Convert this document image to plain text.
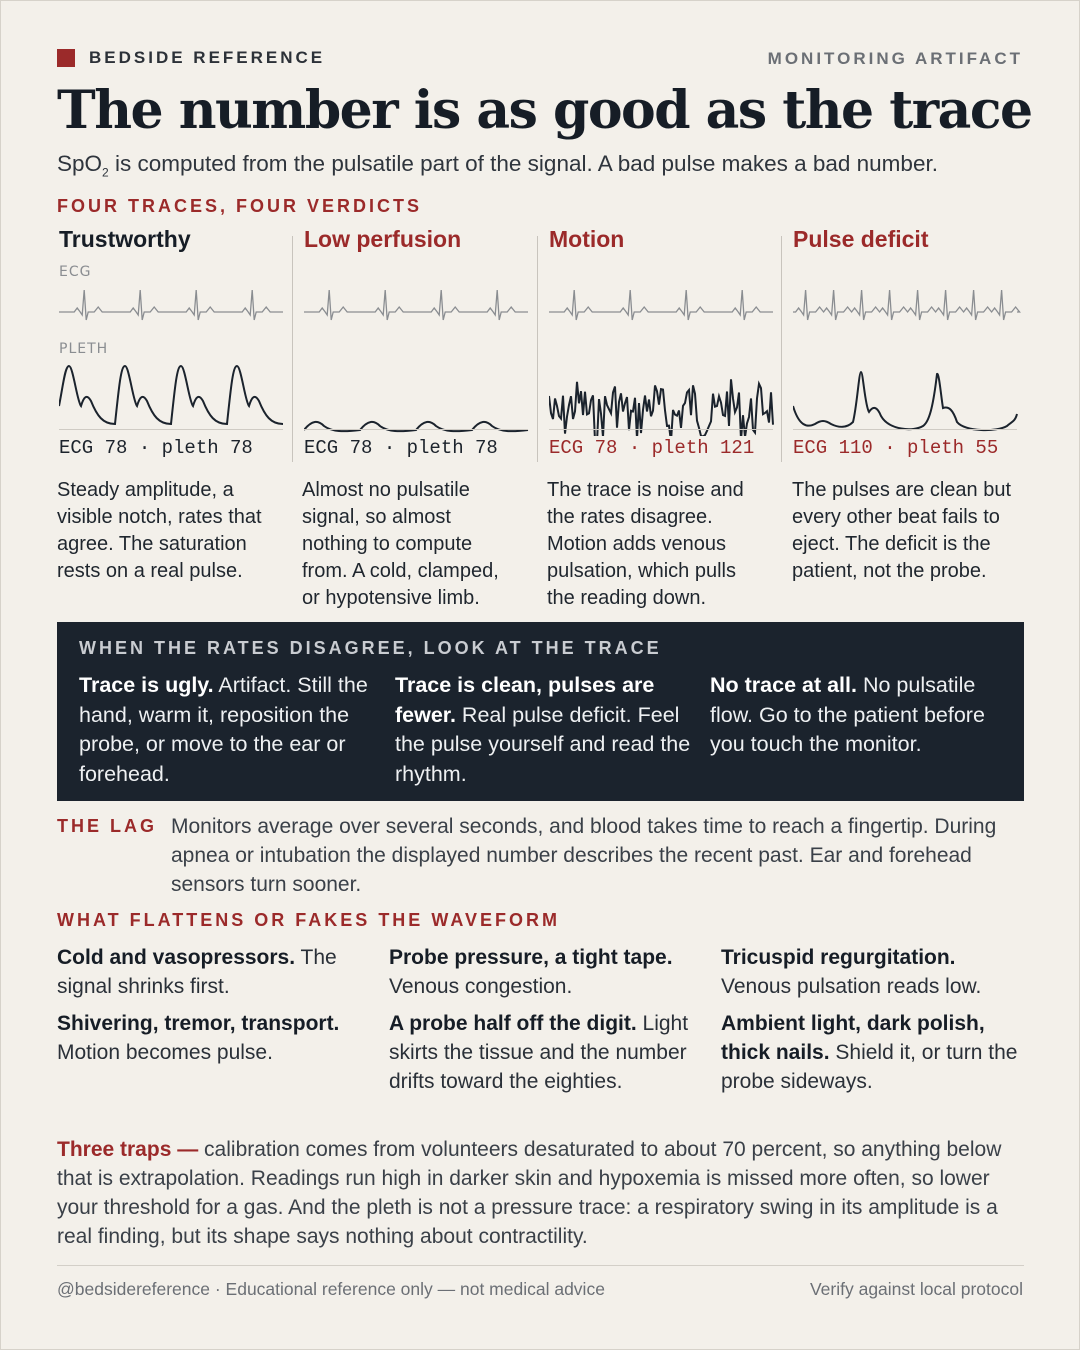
BEDSIDE REFERENCE	MONITORING ARTIFACT
The number is as good as the trace
SpO$_2$ is computed from the pulsatile part of the signal. A bad pulse makes a bad number.
FOUR TRACES, FOUR VERDICTS
Trustworthy
ECG
PLETH
ECG 78 · pleth 78
Steady amplitude, a visible notch, rates that agree. The saturation rests on a real pulse.
Low perfusion
ECG 78 · pleth 78
Almost no pulsatile signal, so almost nothing to compute from. A cold, clamped, or hypotensive limb.
Motion
ECG 78 · pleth 121
The trace is noise and the rates disagree. Motion adds venous pulsation, which pulls the reading down.
Pulse deficit
ECG 110 · pleth 55
The pulses are clean but every other beat fails to eject. The deficit is the patient, not the probe.
WHEN THE RATES DISAGREE, LOOK AT THE TRACE
Trace is ugly. Artifact. Still the hand, warm it, reposition the probe, or move to the ear or forehead.
Trace is clean, pulses are fewer. Real pulse deficit. Feel the pulse yourself and read the rhythm.
No trace at all. No pulsatile flow. Go to the patient before you touch the monitor.
THE LAG Monitors average over several seconds, and blood takes time to reach a fingertip. During apnea or intubation the displayed number describes the recent past. Ear and forehead sensors turn sooner.
WHAT FLATTENS OR FAKES THE WAVEFORM
Cold and vasopressors. The signal shrinks first.
Probe pressure, a tight tape. Venous congestion.
Tricuspid regurgitation. Venous pulsation reads low.
Shivering, tremor, transport. Motion becomes pulse.
A probe half off the digit. Light skirts the tissue and the number drifts toward the eighties.
Ambient light, dark polish, thick nails. Shield it, or turn the probe sideways.
Three traps — calibration comes from volunteers desaturated to about 70 percent, so anything below that is extrapolation. Readings run high in darker skin and hypoxemia is missed more often, so lower your threshold for a gas. And the pleth is not a pressure trace: a respiratory swing in its amplitude is a real finding, but its shape says nothing about contractility.
@bedsidereference · Educational reference only — not medical advice	Verify against local protocol
